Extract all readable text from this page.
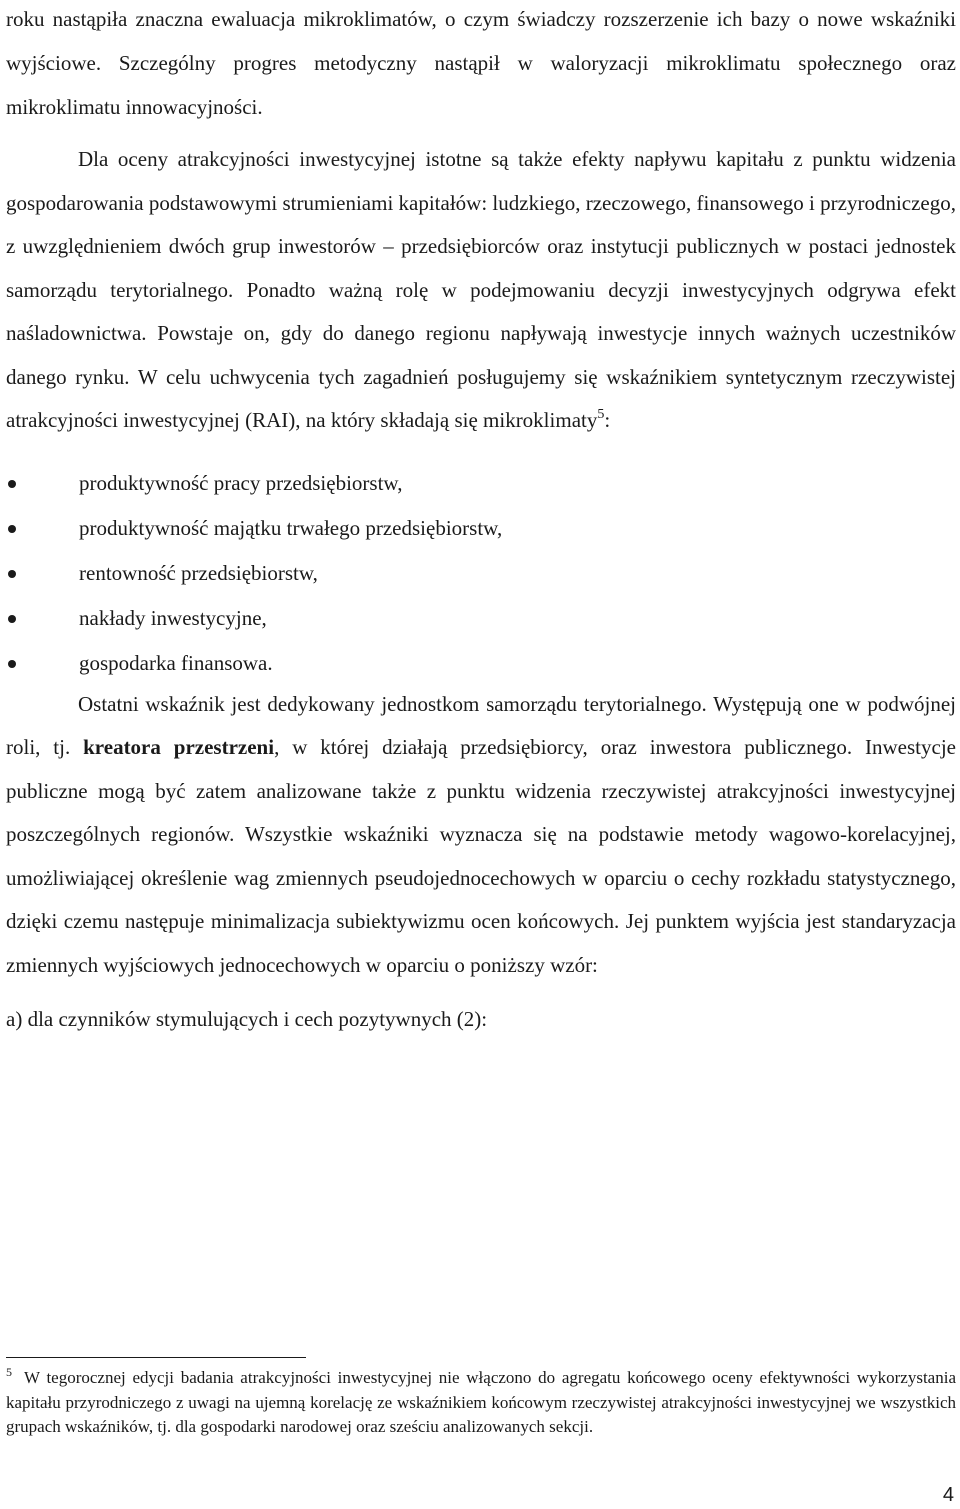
roku nastąpiła znaczna ewaluacja mikroklimatów, o czym świadczy rozszerzenie ich bazy o nowe wskaźniki wyjściowe. Szczególny progres metodyczny nastąpił w waloryzacji mikroklimatu społecznego oraz mikroklimatu innowacyjności.

Dla oceny atrakcyjności inwestycyjnej istotne są także efekty napływu kapitału z punktu widzenia gospodarowania podstawowymi strumieniami kapitałów: ludzkiego, rzeczowego, finansowego i przyrodniczego, z uwzględnieniem dwóch grup inwestorów – przedsiębiorców oraz instytucji publicznych w postaci jednostek samorządu terytorialnego. Ponadto ważną rolę w podejmowaniu decyzji inwestycyjnych odgrywa efekt naśladownictwa. Powstaje on, gdy do danego regionu napływają inwestycje innych ważnych uczestników danego rynku. W celu uchwycenia tych zagadnień posługujemy się wskaźnikiem syntetycznym rzeczywistej atrakcyjności inwestycyjnej (RAI), na który składają się mikroklimaty$^5$:

produktywność pracy przedsiębiorstw,
produktywność majątku trwałego przedsiębiorstw,
rentowność przedsiębiorstw,
nakłady inwestycyjne,
gospodarka finansowa.

Ostatni wskaźnik jest dedykowany jednostkom samorządu terytorialnego. Występują one w podwójnej roli, tj. kreatora przestrzeni, w której działają przedsiębiorcy, oraz inwestora publicznego. Inwestycje publiczne mogą być zatem analizowane także z punktu widzenia rzeczywistej atrakcyjności inwestycyjnej poszczególnych regionów. Wszystkie wskaźniki wyznacza się na podstawie metody wagowo-korelacyjnej, umożliwiającej określenie wag zmiennych pseudojednocechowych w oparciu o cechy rozkładu statystycznego, dzięki czemu następuje minimalizacja subiektywizmu ocen końcowych. Jej punktem wyjścia jest standaryzacja zmiennych wyjściowych jednocechowych w oparciu o poniższy wzór:

a) dla czynników stymulujących i cech pozytywnych (2):

$^5$ W tegorocznej edycji badania atrakcyjności inwestycyjnej nie włączono do agregatu końcowego oceny efektywności wykorzystania kapitału przyrodniczego z uwagi na ujemną korelację ze wskaźnikiem końcowym rzeczywistej atrakcyjności inwestycyjnej we wszystkich grupach wskaźników, tj. dla gospodarki narodowej oraz sześciu analizowanych sekcji.

4
